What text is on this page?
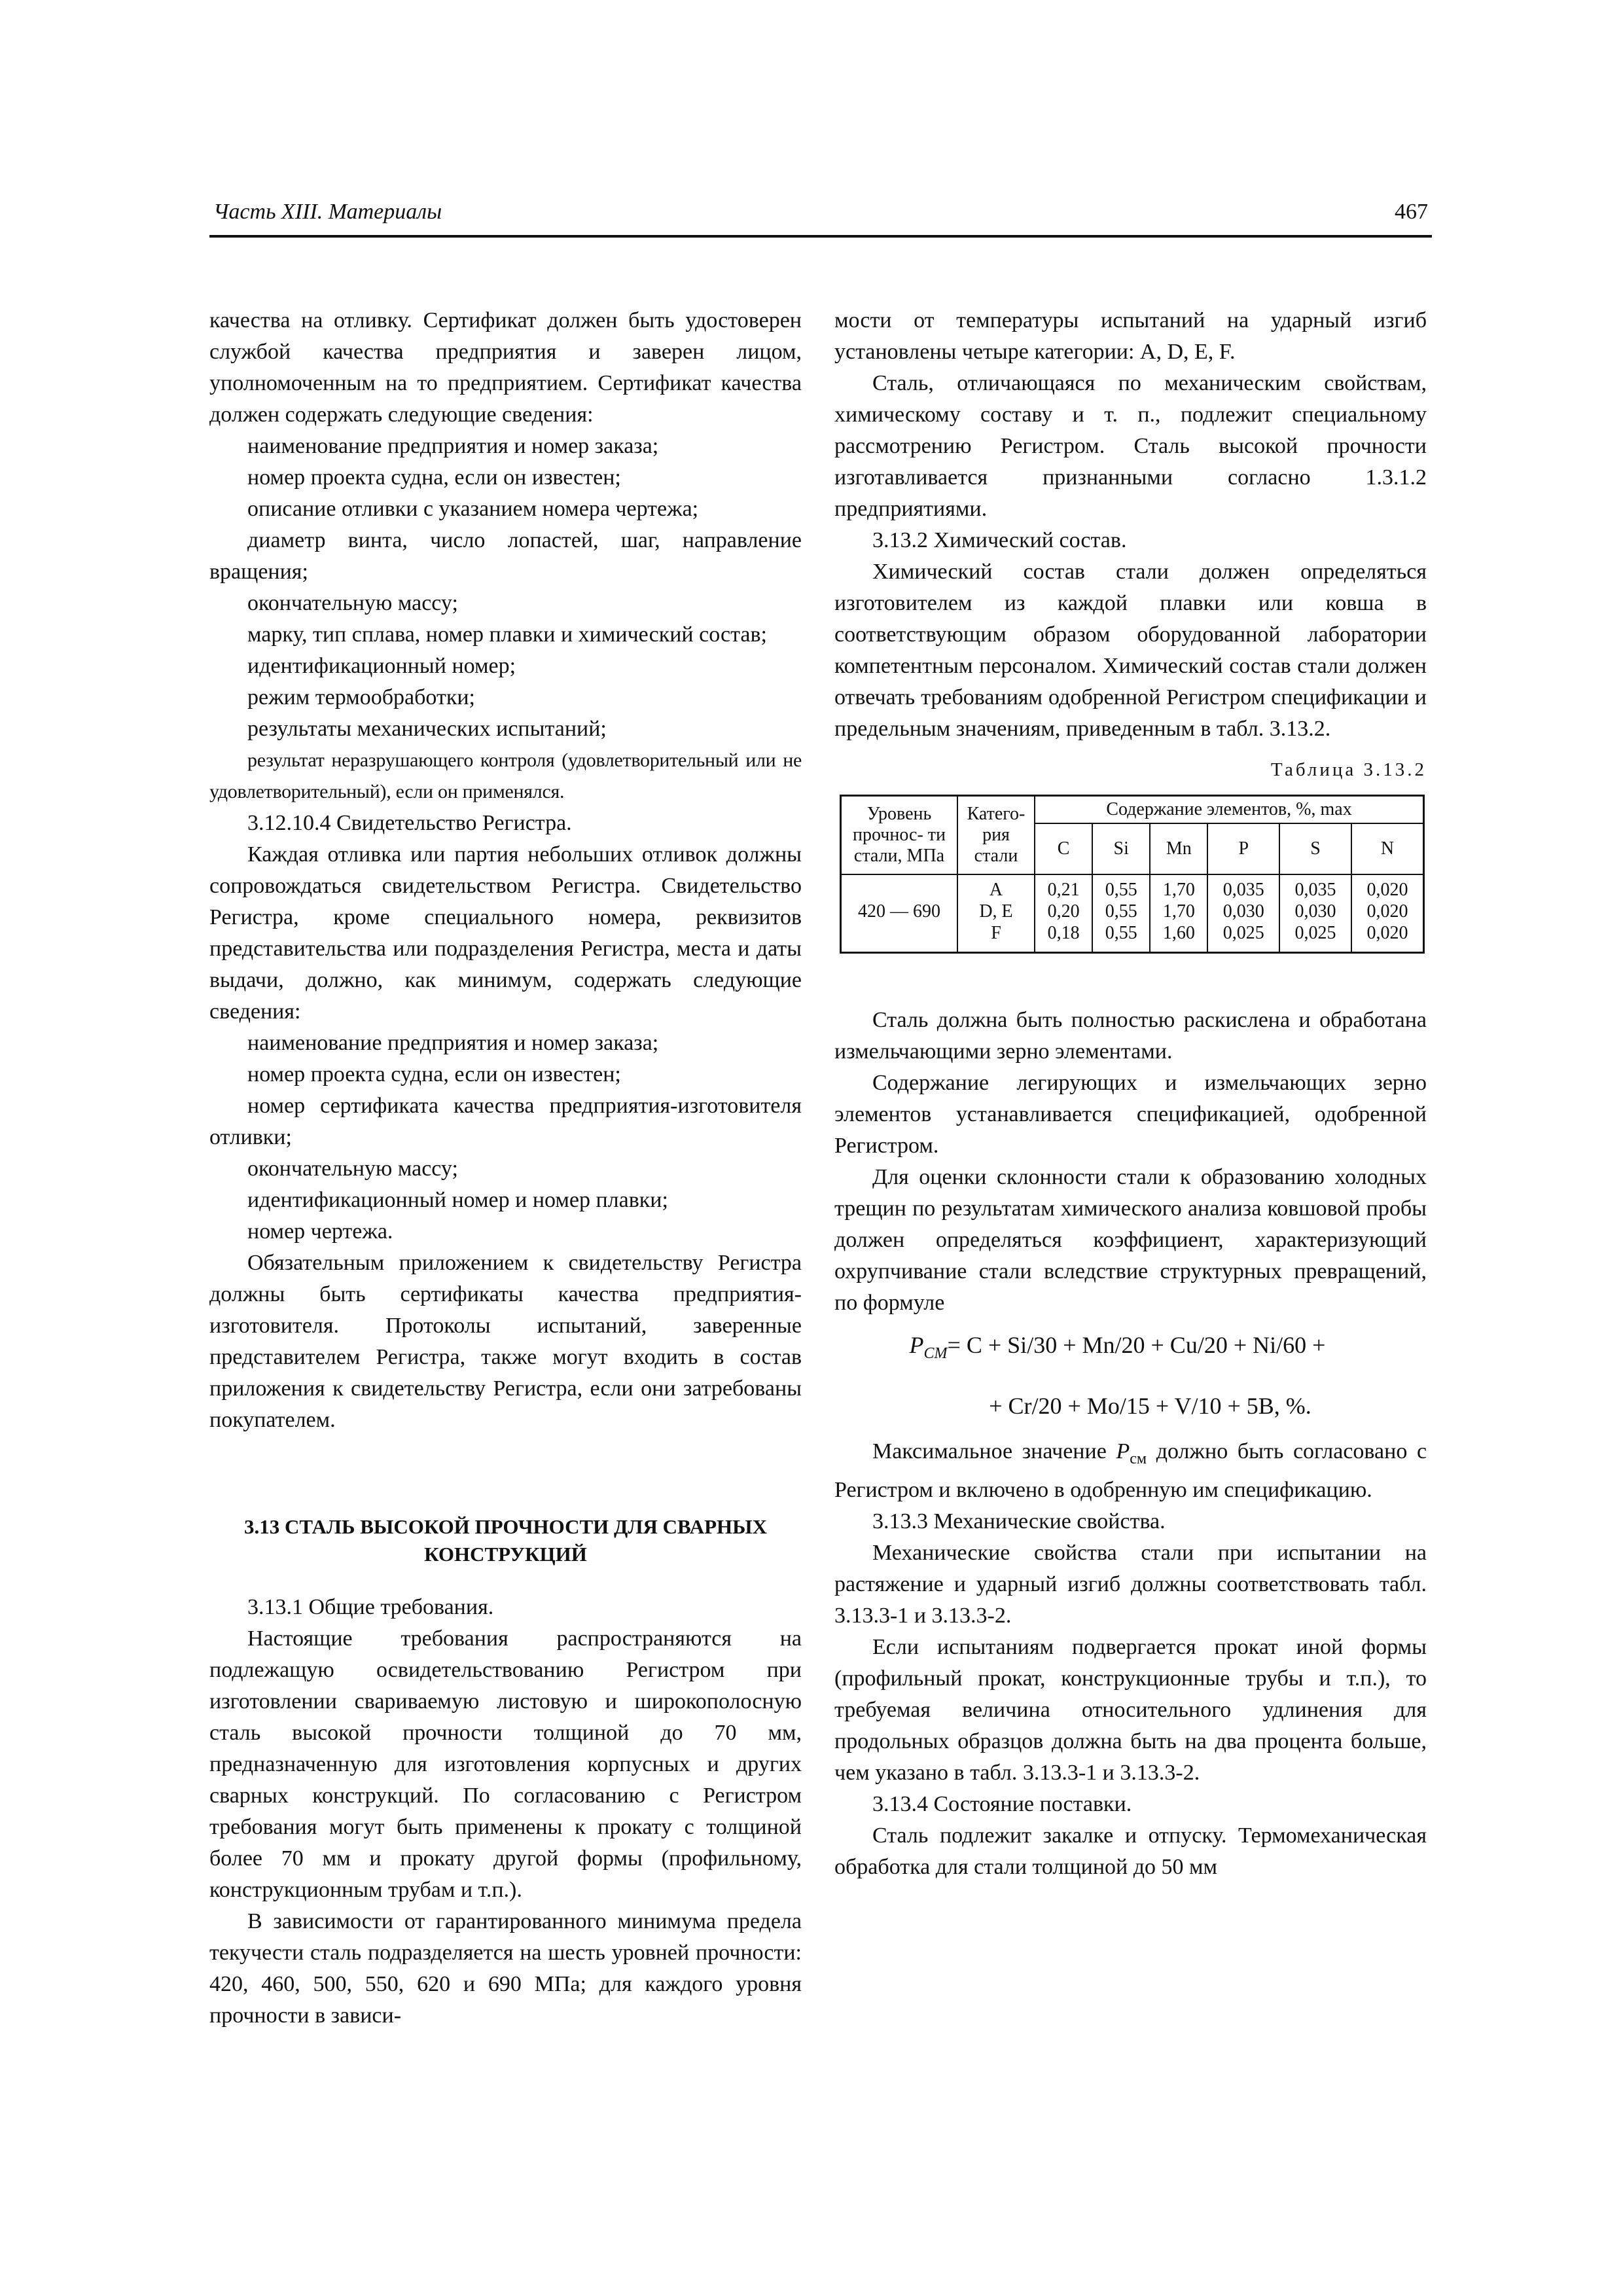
Часть XIII. Материалы	467

качества на отливку. Сертификат должен быть удостоверен службой качества предприятия и заверен лицом, уполномоченным на то предприятием. Сертификат качества должен содержать следующие сведения:

наименование предприятия и номер заказа;

номер проекта судна, если он известен;

описание отливки с указанием номера чертежа;

диаметр винта, число лопастей, шаг, направление вращения;

окончательную массу;

марку, тип сплава, номер плавки и химический состав;

идентификационный номер;

режим термообработки;

результаты механических испытаний;

результат неразрушающего контроля (удовлетворительный или не удовлетворительный), если он применялся.

3.12.10.4 Свидетельство Регистра.

Каждая отливка или партия небольших отливок должны сопровождаться свидетельством Регистра. Свидетельство Регистра, кроме специального номера, реквизитов представительства или подразделения Регистра, места и даты выдачи, должно, как минимум, содержать следующие сведения:

наименование предприятия и номер заказа;

номер проекта судна, если он известен;

номер сертификата качества предприятия-изготовителя отливки;

окончательную массу;

идентификационный номер и номер плавки;

номер чертежа.

Обязательным приложением к свидетельству Регистра должны быть сертификаты качества предприятия-изготовителя. Протоколы испытаний, заверенные представителем Регистра, также могут входить в состав приложения к свидетельству Регистра, если они затребованы покупателем.

3.13 СТАЛЬ ВЫСОКОЙ ПРОЧНОСТИ ДЛЯ СВАРНЫХ КОНСТРУКЦИЙ

3.13.1 Общие требования.

Настоящие требования распространяются на подлежащую освидетельствованию Регистром при изготовлении свариваемую листовую и широкополосную сталь высокой прочности толщиной до 70 мм, предназначенную для изготовления корпусных и других сварных конструкций. По согласованию с Регистром требования могут быть применены к прокату с толщиной более 70 мм и прокату другой формы (профильному, конструкционным трубам и т.п.).

В зависимости от гарантированного минимума предела текучести сталь подразделяется на шесть уровней прочности: 420, 460, 500, 550, 620 и 690 МПа; для каждого уровня прочности в зависи-

мости от температуры испытаний на ударный изгиб установлены четыре категории: A, D, E, F.

Сталь, отличающаяся по механическим свойствам, химическому составу и т. п., подлежит специальному рассмотрению Регистром. Сталь высокой прочности изготавливается признанными согласно 1.3.1.2 предприятиями.

3.13.2 Химический состав.

Химический состав стали должен определяться изготовителем из каждой плавки или ковша в соответствующим образом оборудованной лаборатории компетентным персоналом. Химический состав стали должен отвечать требованиям одобренной Регистром спецификации и предельным значениям, приведенным в табл. 3.13.2.

Таблица 3.13.2

Уровень прочнос- ти стали, МПа	Катего- рия стали	Содержание элементов, %, max					
		C	Si	Mn	P	S	N
420 — 690	A
D, E
F	0,21
0,20
0,18	0,55
0,55
0,55	1,70
1,70
1,60	0,035
0,030
0,025	0,035
0,030
0,025	0,020
0,020
0,020

Сталь должна быть полностью раскислена и обработана измельчающими зерно элементами.

Содержание легирующих и измельчающих зерно элементов устанавливается спецификацией, одобренной Регистром.

Для оценки склонности стали к образованию холодных трещин по результатам химического анализа ковшовой пробы должен определяться коэффициент, характеризующий охрупчивание стали вследствие структурных превращений, по формуле

$P_{CM}= C + Si/30 + Mn/20 + Cu/20 + Ni/60$ +
+ Cr/20 + Mo/15 + V/10 + 5B, %.

Максимальное значение $P_{см}$ должно быть согласовано с Регистром и включено в одобренную им спецификацию.

3.13.3 Механические свойства.

Механические свойства стали при испытании на растяжение и ударный изгиб должны соответствовать табл. 3.13.3-1 и 3.13.3-2.

Если испытаниям подвергается прокат иной формы (профильный прокат, конструкционные трубы и т.п.), то требуемая величина относительного удлинения для продольных образцов должна быть на два процента больше, чем указано в табл. 3.13.3-1 и 3.13.3-2.

3.13.4 Состояние поставки.

Сталь подлежит закалке и отпуску. Термомеханическая обработка для стали толщиной до 50 мм
